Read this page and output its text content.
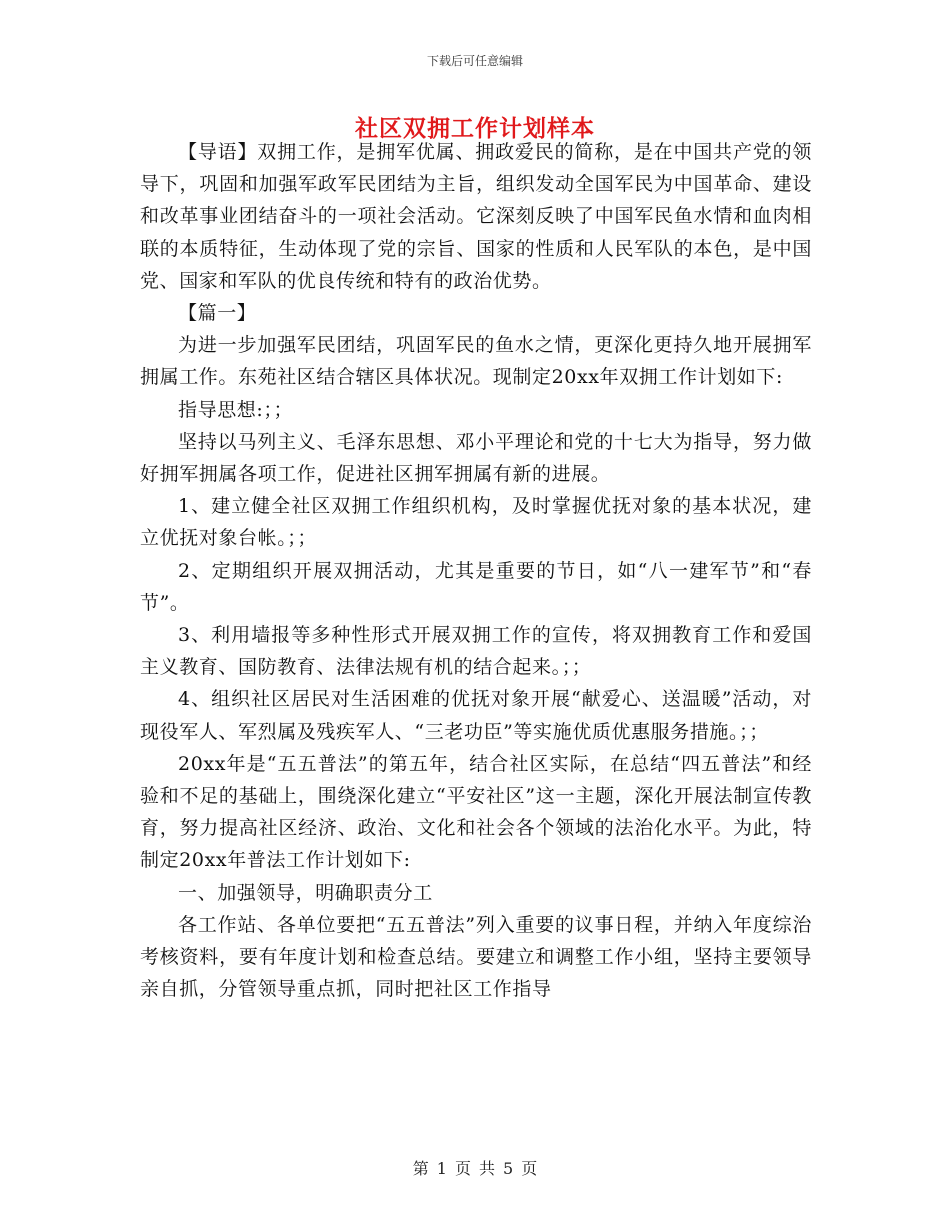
下载后可任意编辑
社区双拥工作计划样本

【导语】双拥工作，是拥军优属、拥政爱民的简称，是在中国共产党的领导下，巩固和加强军政军民团结为主旨，组织发动全国军民为中国革命、建设和改革事业团结奋斗的一项社会活动。它深刻反映了中国军民鱼水情和血肉相联的本质特征，生动体现了党的宗旨、国家的性质和人民军队的本色，是中国党、国家和军队的优良传统和特有的政治优势。

【篇一】

为进一步加强军民团结，巩固军民的鱼水之情，更深化更持久地开展拥军拥属工作。东苑社区结合辖区具体状况。现制定20xx年双拥工作计划如下:

指导思想:；；

坚持以马列主义、毛泽东思想、邓小平理论和党的十七大为指导，努力做好拥军拥属各项工作，促进社区拥军拥属有新的进展。

1、建立健全社区双拥工作组织机构，及时掌握优抚对象的基本状况，建立优抚对象台帐。；；

2、定期组织开展双拥活动，尤其是重要的节日，如“八一建军节”和“春节”。

3、利用墙报等多种性形式开展双拥工作的宣传，将双拥教育工作和爱国主义教育、国防教育、法律法规有机的结合起来。；；

4、组织社区居民对生活困难的优抚对象开展“献爱心、送温暖”活动，对现役军人、军烈属及残疾军人、“三老功臣”等实施优质优惠服务措施。；；

20xx年是“五五普法”的第五年，结合社区实际，在总结“四五普法”和经验和不足的基础上，围绕深化建立“平安社区”这一主题，深化开展法制宣传教育，努力提高社区经济、政治、文化和社会各个领域的法治化水平。为此，特制定20xx年普法工作计划如下:

一、加强领导，明确职责分工

各工作站、各单位要把“五五普法”列入重要的议事日程，并纳入年度综治考核资料，要有年度计划和检查总结。要建立和调整工作小组，坚持主要领导亲自抓，分管领导重点抓，同时把社区工作指导

第 1 页 共 5 页
